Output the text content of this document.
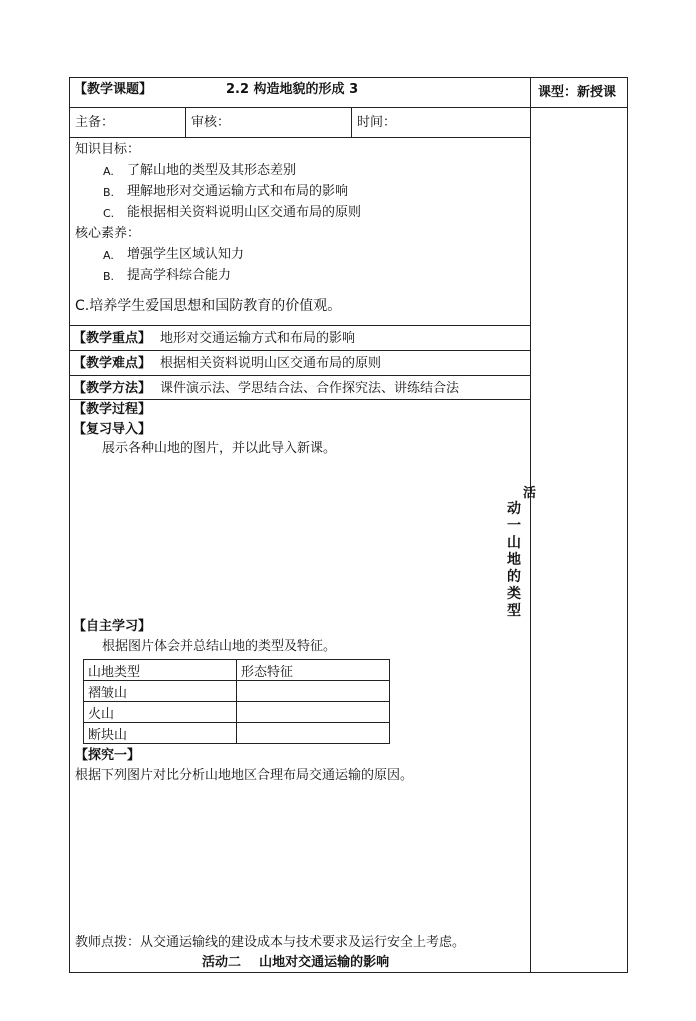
【教学课题】	2.2 构造地貌的形成 3	课型：新授课
主备：	审核：	时间：
知识目标：
A. 了解山地的类型及其形态差别
B. 理解地形对交通运输方式和布局的影响
C. 能根据相关资料说明山区交通布局的原则
核心素养：
A. 增强学生区域认知力
B. 提高学科综合能力
C.培养学生爱国思想和国防教育的价值观。
【教学重点】 地形对交通运输方式和布局的影响
【教学难点】 根据相关资料说明山区交通布局的原则
【教学方法】 课件演示法、学思结合法、合作探究法、讲练结合法
【教学过程】
【复习导入】
展示各种山地的图片，并以此导入新课。
活
动
一
山
地
的
类
型
【自主学习】
根据图片体会并总结山地的类型及特征。
山地类型	形态特征
褶皱山	
火山	
断块山	
【探究一】
根据下列图片对比分析山地地区合理布局交通运输的原因。
教师点拨：从交通运输线的建设成本与技术要求及运行安全上考虑。
活动二    山地对交通运输的影响
